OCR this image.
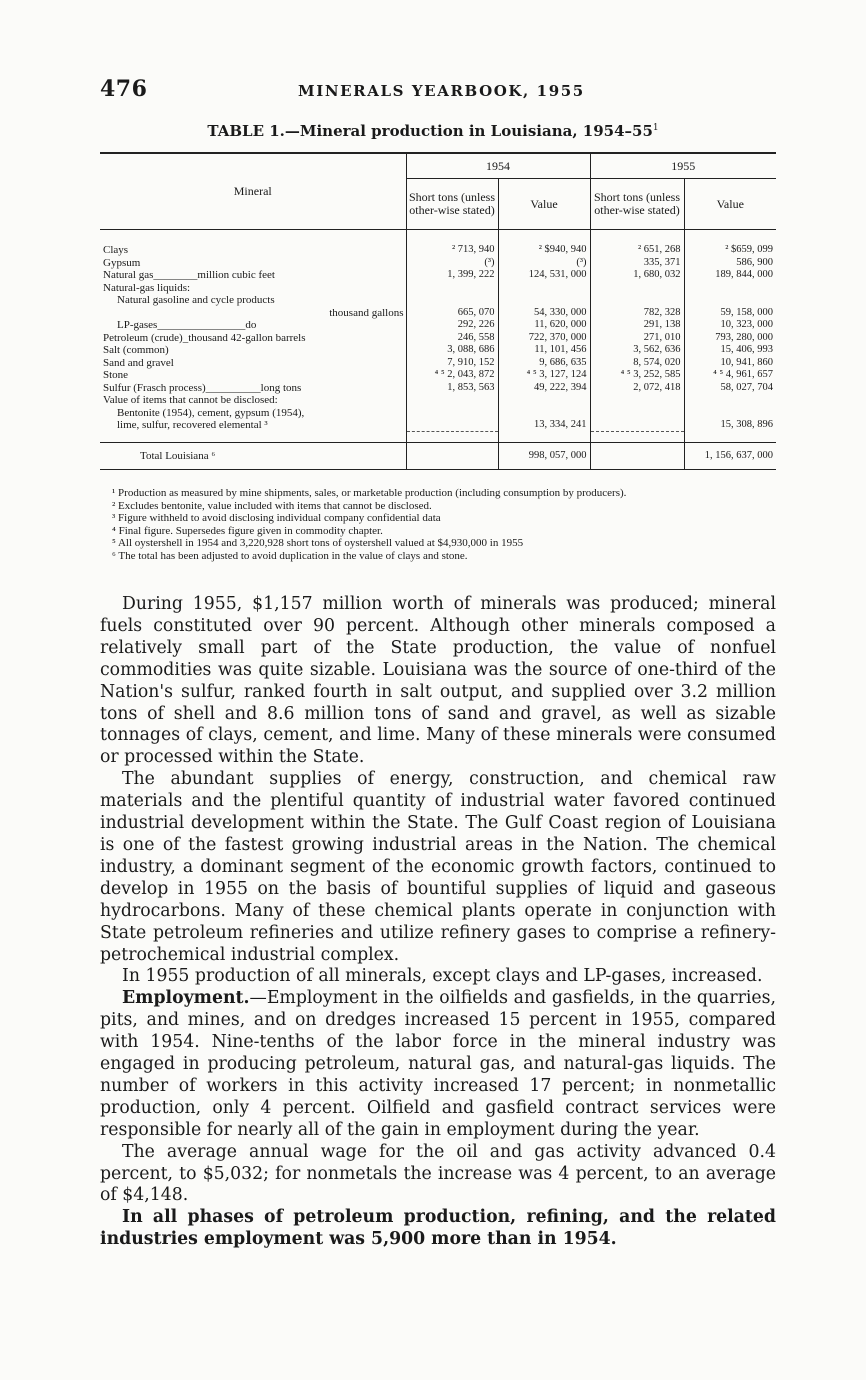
476	MINERALS YEARBOOK, 1955
TABLE 1.—Mineral production in Louisiana, $1954-55^1$
Mineral	1954		1955	
	Short tons (unless other-wise stated)	Value	Short tons (unless other-wise stated)	Value

Clays	² 713, 940	² $940, 940	² 651, 268	² $659, 099
Gypsum	(³)	(³)	335, 371	586, 900
Natural gas________million cubic feet	1, 399, 222	124, 531, 000	1, 680, 032	189, 844, 000
Natural-gas liquids:				
Natural gasoline and cycle products				
thousand gallons	665, 070	54, 330, 000	782, 328	59, 158, 000
LP-gases________________do	292, 226	11, 620, 000	291, 138	10, 323, 000
Petroleum (crude)_thousand 42-gallon barrels	246, 558	722, 370, 000	271, 010	793, 280, 000
Salt (common)	3, 088, 686	11, 101, 456	3, 562, 636	15, 406, 993
Sand and gravel	7, 910, 152	9, 686, 635	8, 574, 020	10, 941, 860
Stone	⁴ ⁵ 2, 043, 872	⁴ ⁵ 3, 127, 124	⁴ ⁵ 3, 252, 585	⁴ ⁵ 4, 961, 657
Sulfur (Frasch process)__________long tons	1, 853, 563	49, 222, 394	2, 072, 418	58, 027, 704
Value of items that cannot be disclosed:				
Bentonite (1954), cement, gypsum (1954),				
lime, sulfur, recovered elemental ³		13, 334, 241		15, 308, 896

Total Louisiana ⁶		998, 057, 000		1, 156, 637, 000

¹ Production as measured by mine shipments, sales, or marketable production (including consumption by producers).

² Excludes bentonite, value included with items that cannot be disclosed.

³ Figure withheld to avoid disclosing individual company confidential data

⁴ Final figure. Supersedes figure given in commodity chapter.

⁵ All oystershell in 1954 and 3,220,928 short tons of oystershell valued at $4,930,000 in 1955

⁶ The total has been adjusted to avoid duplication in the value of clays and stone.

During 1955, $1,157 million worth of minerals was produced; mineral fuels constituted over 90 percent. Although other minerals composed a relatively small part of the State production, the value of nonfuel commodities was quite sizable. Louisiana was the source of one-third of the Nation's sulfur, ranked fourth in salt output, and supplied over 3.2 million tons of shell and 8.6 million tons of sand and gravel, as well as sizable tonnages of clays, cement, and lime. Many of these minerals were consumed or processed within the State.

The abundant supplies of energy, construction, and chemical raw materials and the plentiful quantity of industrial water favored continued industrial development within the State. The Gulf Coast region of Louisiana is one of the fastest growing industrial areas in the Nation. The chemical industry, a dominant segment of the economic growth factors, continued to develop in 1955 on the basis of bountiful supplies of liquid and gaseous hydrocarbons. Many of these chemical plants operate in conjunction with State petroleum refineries and utilize refinery gases to comprise a refinery-petrochemical industrial complex.

In 1955 production of all minerals, except clays and LP-gases, increased.

Employment.—Employment in the oilfields and gasfields, in the quarries, pits, and mines, and on dredges increased 15 percent in 1955, compared with 1954. Nine-tenths of the labor force in the mineral industry was engaged in producing petroleum, natural gas, and natural-gas liquids. The number of workers in this activity increased 17 percent; in nonmetallic production, only 4 percent. Oilfield and gasfield contract services were responsible for nearly all of the gain in employment during the year.

The average annual wage for the oil and gas activity advanced 0.4 percent, to $5,032; for nonmetals the increase was 4 percent, to an average of $4,148.

In all phases of petroleum production, refining, and the related industries employment was 5,900 more than in 1954.
